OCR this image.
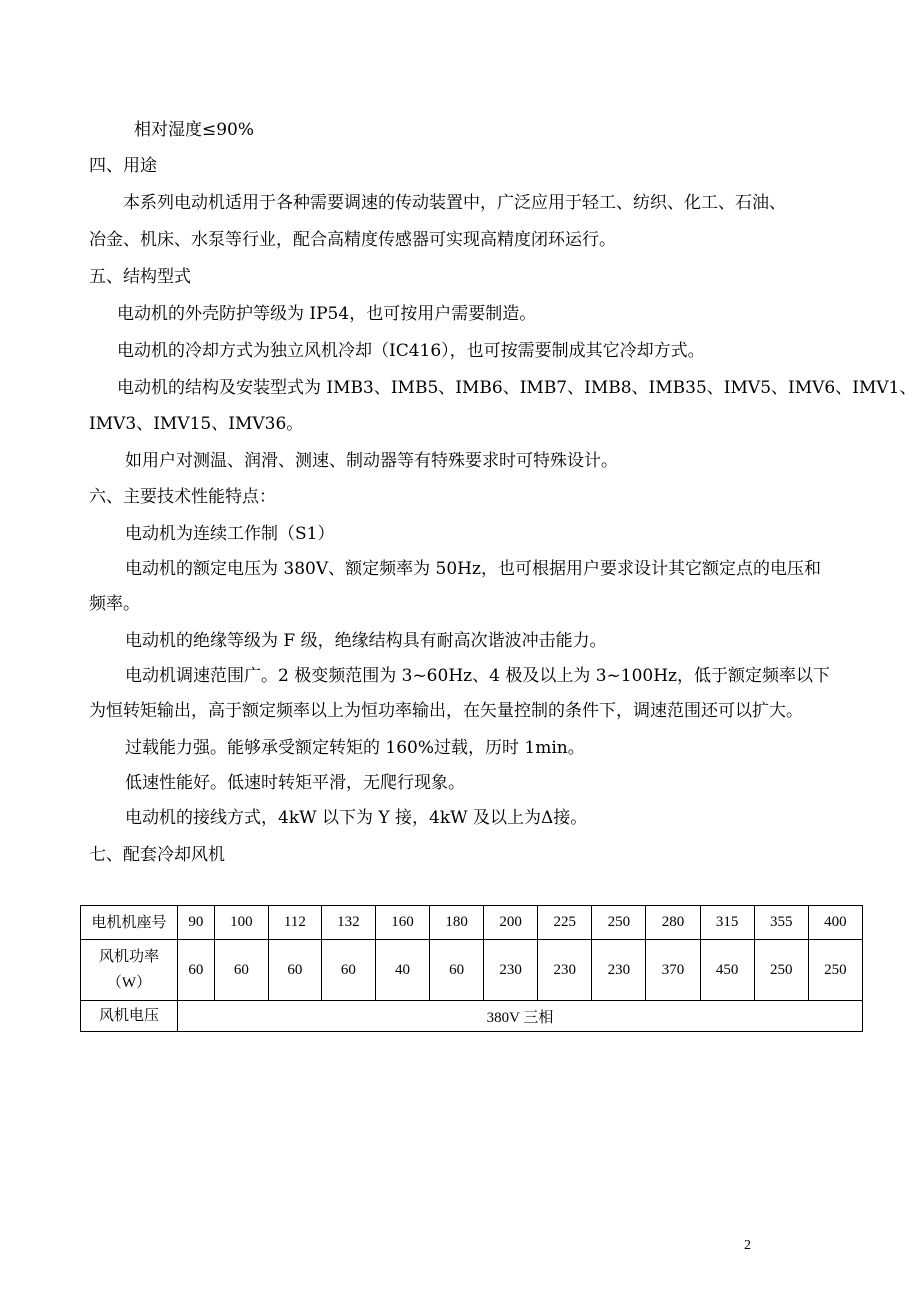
相对湿度≤90%
四、用途
本系列电动机适用于各种需要调速的传动装置中，广泛应用于轻工、纺织、化工、石油、
冶金、机床、水泵等行业，配合高精度传感器可实现高精度闭环运行。
五、结构型式
电动机的外壳防护等级为 IP54，也可按用户需要制造。
电动机的冷却方式为独立风机冷却（IC416），也可按需要制成其它冷却方式。
电动机的结构及安装型式为 IMB3、IMB5、IMB6、IMB7、IMB8、IMB35、IMV5、IMV6、IMV1、
IMV3、IMV15、IMV36。
如用户对测温、润滑、测速、制动器等有特殊要求时可特殊设计。
六、主要技术性能特点：
电动机为连续工作制（S1）
电动机的额定电压为 380V、额定频率为 50Hz，也可根据用户要求设计其它额定点的电压和
频率。
电动机的绝缘等级为 F 级，绝缘结构具有耐高次谐波冲击能力。
电动机调速范围广。2 极变频范围为 3~60Hz、4 极及以上为 3~100Hz，低于额定频率以下
为恒转矩输出，高于额定频率以上为恒功率输出，在矢量控制的条件下，调速范围还可以扩大。
过载能力强。能够承受额定转矩的 160%过载，历时 1min。
低速性能好。低速时转矩平滑，无爬行现象。
电动机的接线方式，4kW 以下为 Y 接，4kW 及以上为Δ接。
七、配套冷却风机
电机机座号	90	100	112	132	160	180	200	225	250	280	315	355	400

风机功率
（W）	60	60	60	60	40	60	230	230	230	370	450	250	250
风机电压	380V 三相												
2
